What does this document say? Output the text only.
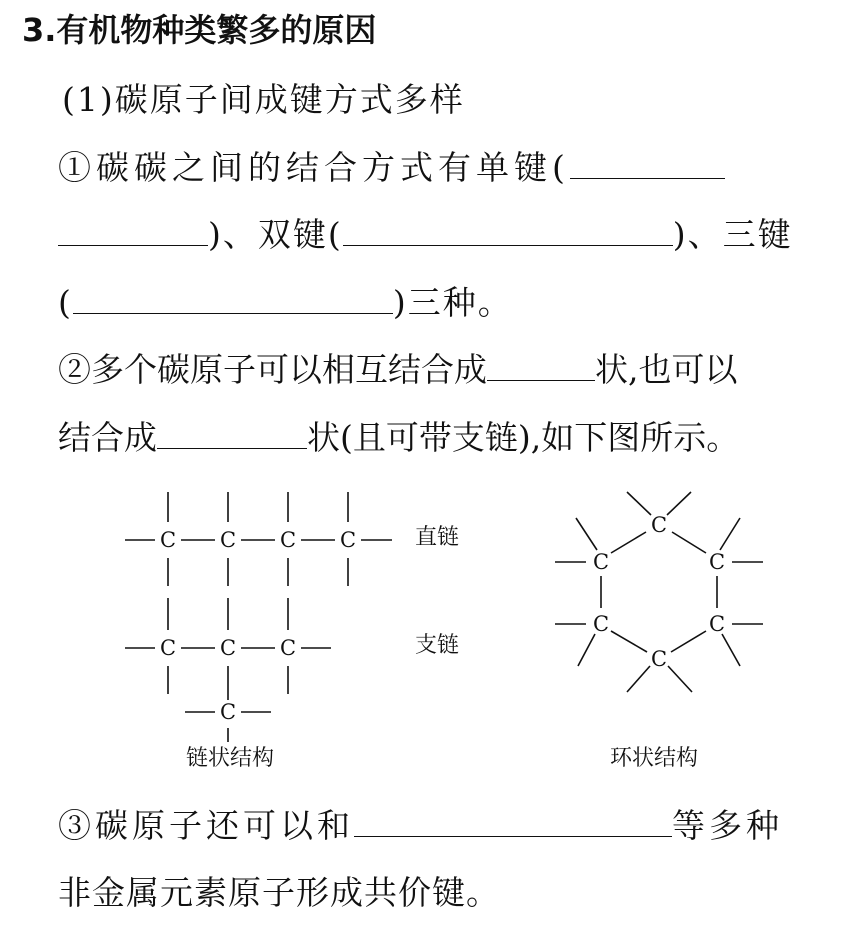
3.有机物种类繁多的原因
(1)碳原子间成键方式多样
①碳碳之间的结合方式有单键(
)、双键(	)、三键
(	)三种。
②多个碳原子可以相互结合成	状,也可以
结合成	状(且可带支链),如下图所示。
C C C C
C C C
C
直链
支链
链状结构
C
C	C
C	C
C
环状结构
③碳原子还可以和	等多种
非金属元素原子形成共价键。
